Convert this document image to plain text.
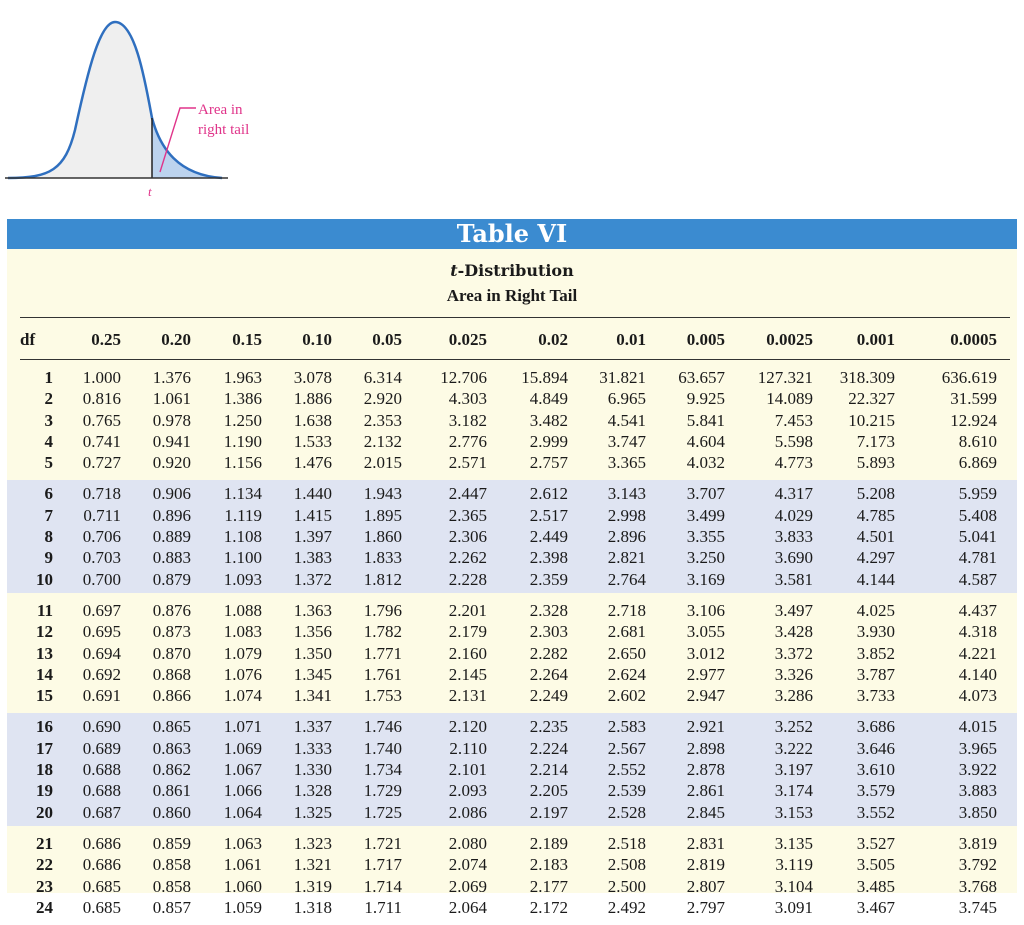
Area in
right tail
t
Table VI
t-Distribution
Area in Right Tail
df	0.25 0.20 0.15 0.10 0.05	0.025	0.02	0.01 0.005 0.0025	0.001	0.0005
1 1.000 1.376 1.963 3.078 6.314 12.706 15.894 31.821 63.657 127.321 318.309	636.619
2 0.816 1.061 1.386 1.886 2.920	4.303	4.849 6.965 9.925 14.089 22.327	31.599
3 0.765 0.978 1.250 1.638 2.353	3.182	3.482 4.541 5.841	7.453 10.215	12.924
4 0.741 0.941 1.190 1.533 2.132	2.776	2.999 3.747 4.604	5.598	7.173	8.610
5 0.727 0.920 1.156 1.476 2.015	2.571	2.757 3.365 4.032	4.773	5.893	6.869
6 0.718 0.906 1.134 1.440 1.943	2.447	2.612 3.143 3.707	4.317	5.208	5.959
7 0.711 0.896 1.119 1.415 1.895	2.365	2.517 2.998 3.499	4.029	4.785	5.408
8 0.706 0.889 1.108 1.397 1.860	2.306	2.449 2.896 3.355	3.833	4.501	5.041
9 0.703 0.883 1.100 1.383 1.833	2.262	2.398 2.821 3.250	3.690	4.297	4.781
10 0.700 0.879 1.093 1.372 1.812	2.228	2.359 2.764 3.169	3.581	4.144	4.587
11 0.697 0.876 1.088 1.363 1.796	2.201	2.328 2.718 3.106	3.497	4.025	4.437
12 0.695 0.873 1.083 1.356 1.782	2.179	2.303 2.681 3.055	3.428	3.930	4.318
13 0.694 0.870 1.079 1.350 1.771	2.160	2.282 2.650 3.012	3.372	3.852	4.221
14 0.692 0.868 1.076 1.345 1.761	2.145	2.264 2.624 2.977	3.326	3.787	4.140
15 0.691 0.866 1.074 1.341 1.753	2.131	2.249 2.602 2.947	3.286	3.733	4.073
16 0.690 0.865 1.071 1.337 1.746	2.120	2.235 2.583 2.921	3.252	3.686	4.015
17 0.689 0.863 1.069 1.333 1.740	2.110	2.224 2.567 2.898	3.222	3.646	3.965
18 0.688 0.862 1.067 1.330 1.734	2.101	2.214 2.552 2.878	3.197	3.610	3.922
19 0.688 0.861 1.066 1.328 1.729	2.093	2.205 2.539 2.861	3.174	3.579	3.883
20 0.687 0.860 1.064 1.325 1.725	2.086	2.197 2.528 2.845	3.153	3.552	3.850
21 0.686 0.859 1.063 1.323 1.721	2.080	2.189 2.518 2.831	3.135	3.527	3.819
22 0.686 0.858 1.061 1.321 1.717	2.074	2.183 2.508 2.819	3.119	3.505	3.792
23 0.685 0.858 1.060 1.319 1.714	2.069	2.177 2.500 2.807	3.104	3.485	3.768
24 0.685 0.857 1.059 1.318 1.711	2.064	2.172 2.492 2.797	3.091	3.467	3.745
